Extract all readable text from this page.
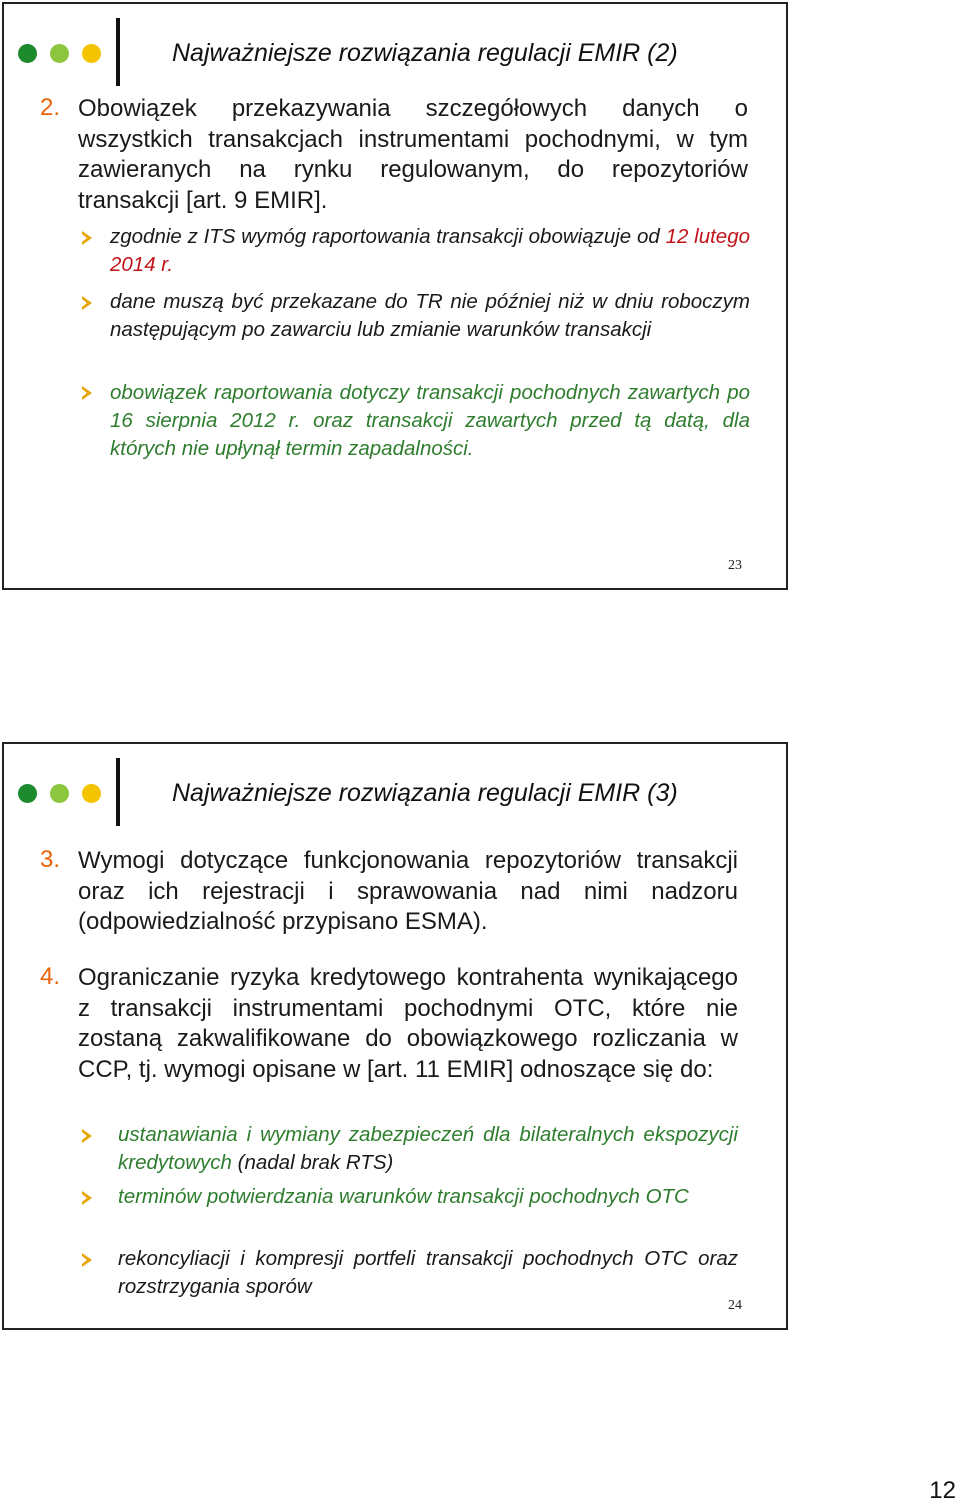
Najważniejsze rozwiązania regulacji EMIR (2)
2. Obowiązek przekazywania szczegółowych danych o wszystkich transakcjach instrumentami pochodnymi, w tym zawieranych na rynku regulowanym, do repozytoriów transakcji [art. 9 EMIR].

zgodnie z ITS wymóg raportowania transakcji obowiązuje od 12 lutego 2014 r.

dane muszą być przekazane do TR nie później niż w dniu roboczym następującym po zawarciu lub zmianie warunków transakcji

obowiązek raportowania dotyczy transakcji pochodnych zawartych po 16 sierpnia 2012 r. oraz transakcji zawartych przed tą datą, dla których nie upłynął termin zapadalności.

23
Najważniejsze rozwiązania regulacji EMIR (3)
3. Wymogi dotyczące funkcjonowania repozytoriów transakcji oraz ich rejestracji i sprawowania nad nimi nadzoru (odpowiedzialność przypisano ESMA).

4. Ograniczanie ryzyka kredytowego kontrahenta wynikającego z transakcji instrumentami pochodnymi OTC, które nie zostaną zakwalifikowane do obowiązkowego rozliczania w CCP, tj. wymogi opisane w [art. 11 EMIR] odnoszące się do:

ustanawiania i wymiany zabezpieczeń dla bilateralnych ekspozycji kredytowych (nadal brak RTS)

terminów potwierdzania warunków transakcji pochodnych OTC

rekoncyliacji i kompresji portfeli transakcji pochodnych OTC oraz rozstrzygania sporów

24
12
